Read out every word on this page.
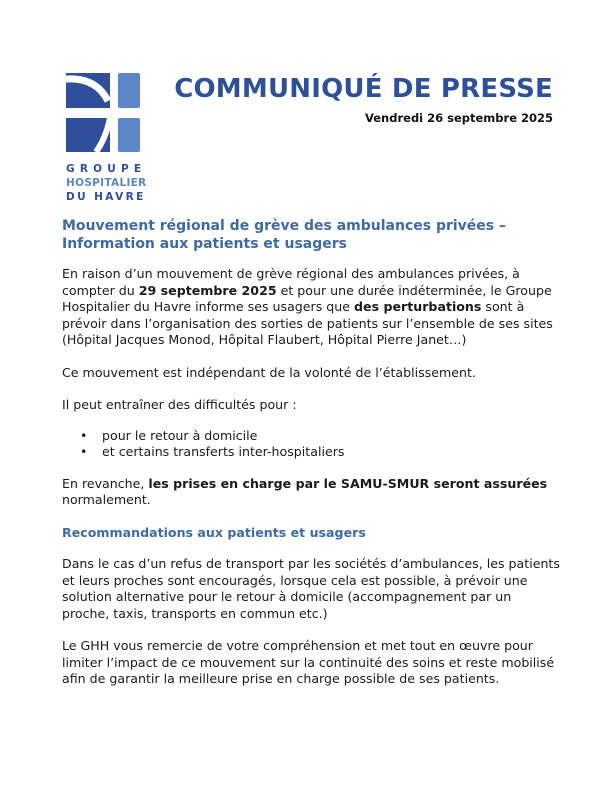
GROUPE
HOSPITALIER
DU HAVRE
COMMUNIQUÉ DE PRESSE
Vendredi 26 septembre 2025
Mouvement régional de grève des ambulances privées – Information aux patients et usagers

En raison d’un mouvement de grève régional des ambulances privées, à compter du 29 septembre 2025 et pour une durée indéterminée, le Groupe Hospitalier du Havre informe ses usagers que des perturbations sont à prévoir dans l’organisation des sorties de patients sur l’ensemble de ses sites (Hôpital Jacques Monod, Hôpital Flaubert, Hôpital Pierre Janet…)

Ce mouvement est indépendant de la volonté de l’établissement.

Il peut entraîner des difficultés pour :

• pour le retour à domicile
• et certains transferts inter-hospitaliers

En revanche, les prises en charge par le SAMU-SMUR seront assurées normalement.

Recommandations aux patients et usagers

Dans le cas d’un refus de transport par les sociétés d’ambulances, les patients et leurs proches sont encouragés, lorsque cela est possible, à prévoir une solution alternative pour le retour à domicile (accompagnement par un proche, taxis, transports en commun etc.)

Le GHH vous remercie de votre compréhension et met tout en œuvre pour limiter l’impact de ce mouvement sur la continuité des soins et reste mobilisé afin de garantir la meilleure prise en charge possible de ses patients.
